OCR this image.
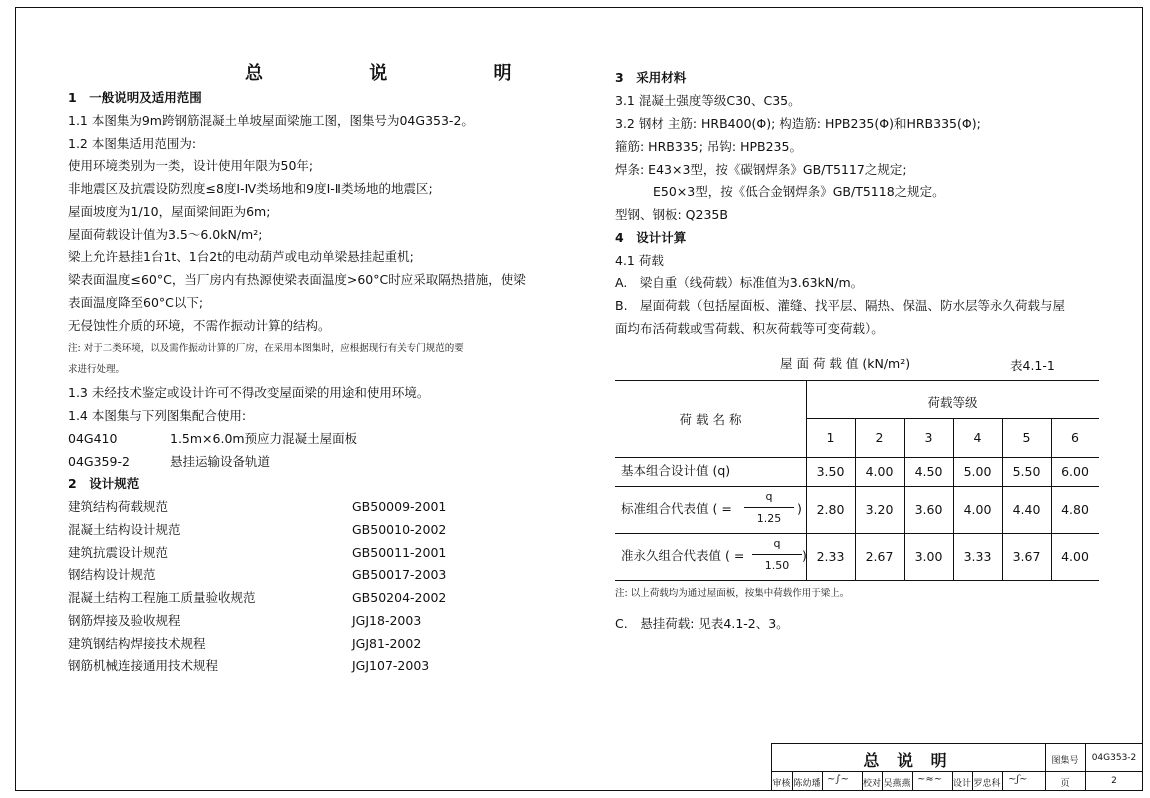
总 说 明
1　一般说明及适用范围
1.1 本图集为9m跨钢筋混凝土单坡屋面梁施工图，图集号为04G353-2。
1.2 本图集适用范围为:
使用环境类别为一类，设计使用年限为50年;
非地震区及抗震设防烈度≤8度Ⅰ-Ⅳ类场地和9度Ⅰ-Ⅱ类场地的地震区;
屋面坡度为1/10，屋面梁间距为6m;
屋面荷载设计值为3.5～6.0kN/m²;
梁上允许悬挂1台1t、1台2t的电动葫芦或电动单梁悬挂起重机;
梁表面温度≤60°C，当厂房内有热源使梁表面温度>60°C时应采取隔热措施，使梁
表面温度降至60°C以下;
无侵蚀性介质的环境，不需作振动计算的结构。
注: 对于二类环境，以及需作振动计算的厂房，在采用本图集时，应根据现行有关专门规范的要
求进行处理。
1.3 未经技术鉴定或设计许可不得改变屋面梁的用途和使用环境。
1.4 本图集与下列图集配合使用:
04G410	1.5m×6.0m预应力混凝土屋面板
04G359-2	悬挂运输设备轨道
2　设计规范
建筑结构荷载规范	GB50009-2001
混凝土结构设计规范	GB50010-2002
建筑抗震设计规范	GB50011-2001
钢结构设计规范	GB50017-2003
混凝土结构工程施工质量验收规范	GB50204-2002
钢筋焊接及验收规程	JGJ18-2003
建筑钢结构焊接技术规程	JGJ81-2002
钢筋机械连接通用技术规程	JGJ107-2003
3　采用材料
3.1 混凝土强度等级C30、C35。
3.2 钢材 主筋: HRB400(Φ); 构造筋: HPB235(Φ)和HRB335(Φ);
箍筋: HRB335; 吊钩: HPB235。
焊条: E43×3型，按《碳钢焊条》GB/T5117之规定;
E50×3型，按《低合金钢焊条》GB/T5118之规定。
型钢、钢板: Q235B
4　设计计算
4.1 荷载
A.　梁自重（线荷载）标准值为3.63kN/m。
B.　屋面荷载（包括屋面板、灌缝、找平层、隔热、保温、防水层等永久荷载与屋
面均布活荷载或雪荷载、积灰荷载等可变荷载）。
屋 面 荷 载 值 (kN/m²)	表4.1-1
荷 载 名 称
荷载等级
1	2	3	4	5	6
基本组合设计值 (q)	3.50	4.00	4.50	5.00	5.50	6.00
标准组合代表值 ( =
q
1.25
)	2.80	3.20	3.60	4.00	4.40	4.80
准永久组合代表值 ( =
q
1.50
) 2.33	2.67	3.00	3.33	3.67	4.00
注: 以上荷载均为通过屋面板，按集中荷载作用于梁上。
C.　悬挂荷载: 见表4.1-2、3。
总 说 明	图集号	04G353-2
页	2
审核 陈幼璠 ~∫~ 校对 吴燕燕 ~≈~ 设计 罗忠科 ~ʃ~
